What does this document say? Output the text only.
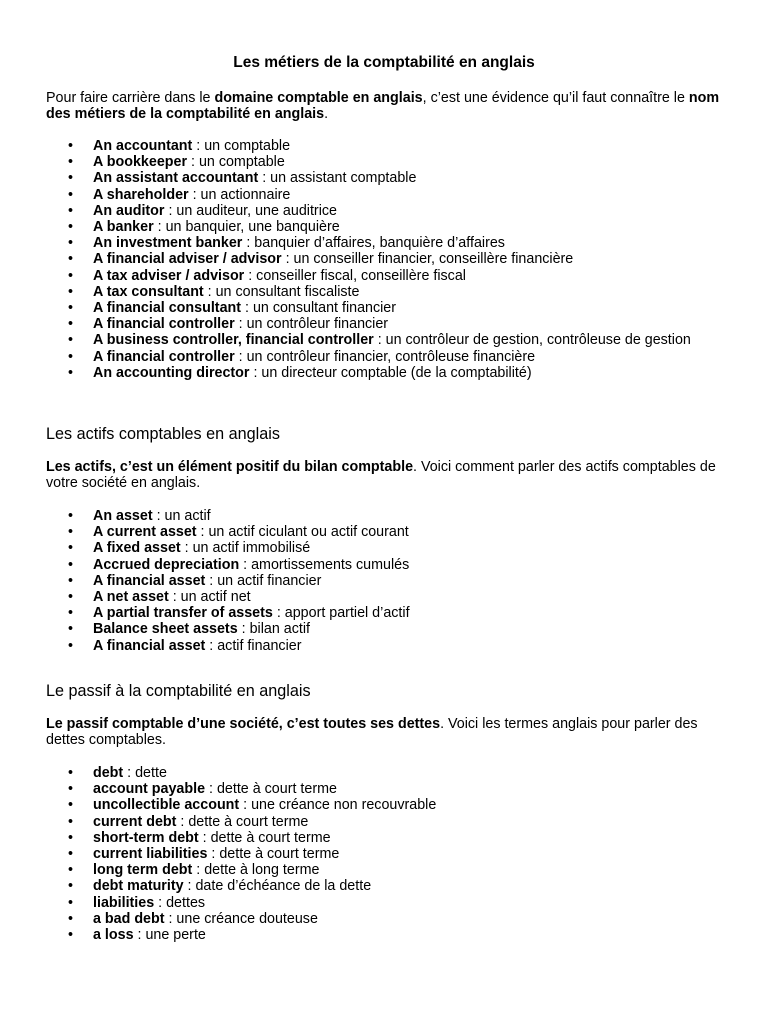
Les métiers de la comptabilité en anglais

Pour faire carrière dans le domaine comptable en anglais, c’est une évidence qu’il faut connaître le nom des métiers de la comptabilité en anglais.

• An accountant : un comptable
• A bookkeeper : un comptable
• An assistant accountant : un assistant comptable
• A shareholder : un actionnaire
• An auditor : un auditeur, une auditrice
• A banker : un banquier, une banquière
• An investment banker : banquier d’affaires, banquière d’affaires
• A financial adviser / advisor : un conseiller financier, conseillère financière
• A tax adviser / advisor : conseiller fiscal, conseillère fiscal
• A tax consultant : un consultant fiscaliste
• A financial consultant : un consultant financier
• A financial controller : un contrôleur financier
• A business controller, financial controller : un contrôleur de gestion, contrôleuse de gestion
• A financial controller : un contrôleur financier, contrôleuse financière
• An accounting director : un directeur comptable (de la comptabilité)
Les actifs comptables en anglais

Les actifs, c’est un élément positif du bilan comptable. Voici comment parler des actifs comptables de votre société en anglais.

• An asset : un actif
• A current asset : un actif ciculant ou actif courant
• A fixed asset : un actif immobilisé
• Accrued depreciation : amortissements cumulés
• A financial asset : un actif financier
• A net asset : un actif net
• A partial transfer of assets : apport partiel d’actif
• Balance sheet assets : bilan actif
• A financial asset : actif financier
Le passif à la comptabilité en anglais

Le passif comptable d’une société, c’est toutes ses dettes. Voici les termes anglais pour parler des dettes comptables.

• debt : dette
• account payable : dette à court terme
• uncollectible account : une créance non recouvrable
• current debt : dette à court terme
• short-term debt : dette à court terme
• current liabilities : dette à court terme
• long term debt : dette à long terme
• debt maturity : date d’échéance de la dette
• liabilities : dettes
• a bad debt : une créance douteuse
• a loss : une perte
